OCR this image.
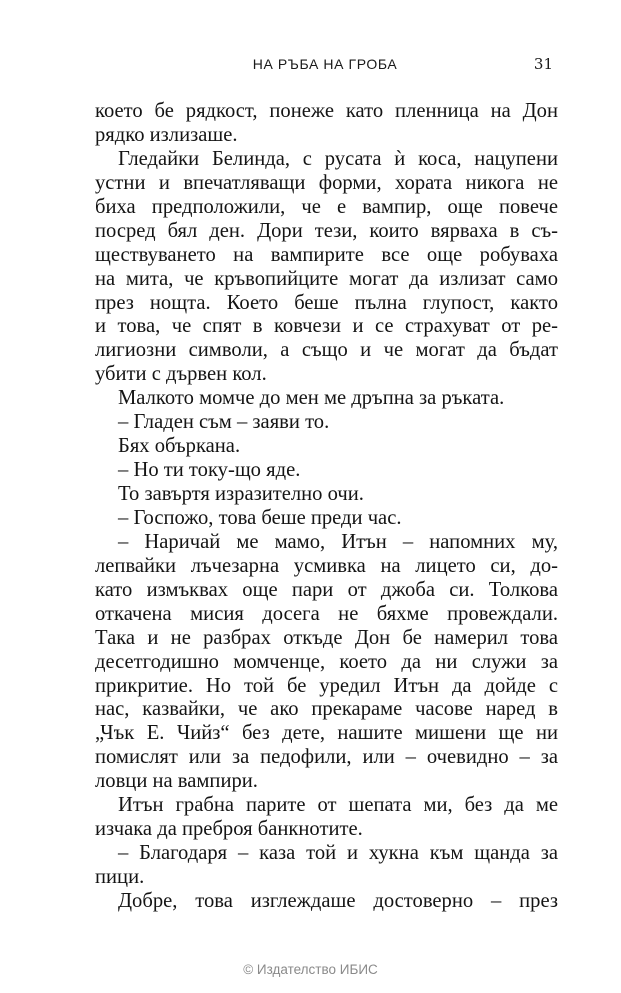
НА РЪБА НА ГРОБА	31
което бе рядкост, понеже като пленница на Дон
рядко излизаше.
Гледайки Белинда, с русата ѝ коса, нацупени
устни и впечатляващи форми, хората никога не
биха предположили, че е вампир, още повече
посред бял ден. Дори тези, които вярваха в съ-
ществуването на вампирите все още робуваха
на мита, че кръвопийците могат да излизат само
през нощта. Което беше пълна глупост, както
и това, че спят в ковчези и се страхуват от ре-
лигиозни символи, а също и че могат да бъдат
убити с дървен кол.
Малкото момче до мен ме дръпна за ръката.
– Гладен съм – заяви то.
Бях объркана.
– Но ти току-що яде.
То завъртя изразително очи.
– Госпожо, това беше преди час.
– Наричай ме мамо, Итън – напомних му,
лепвайки лъчезарна усмивка на лицето си, до-
като измъквах още пари от джоба си. Толкова
откачена мисия досега не бяхме провеждали.
Така и не разбрах откъде Дон бе намерил това
десетгодишно момченце, което да ни служи за
прикритие. Но той бе уредил Итън да дойде с
нас, казвайки, че ако прекараме часове наред в
„Чък Е. Чийз“ без дете, нашите мишени ще ни
помислят или за педофили, или – очевидно – за
ловци на вампири.
Итън грабна парите от шепата ми, без да ме
изчака да преброя банкнотите.
– Благодаря – каза той и хукна към щанда за
пици.
Добре, това изглеждаше достоверно – през
© Издателство ИБИС
